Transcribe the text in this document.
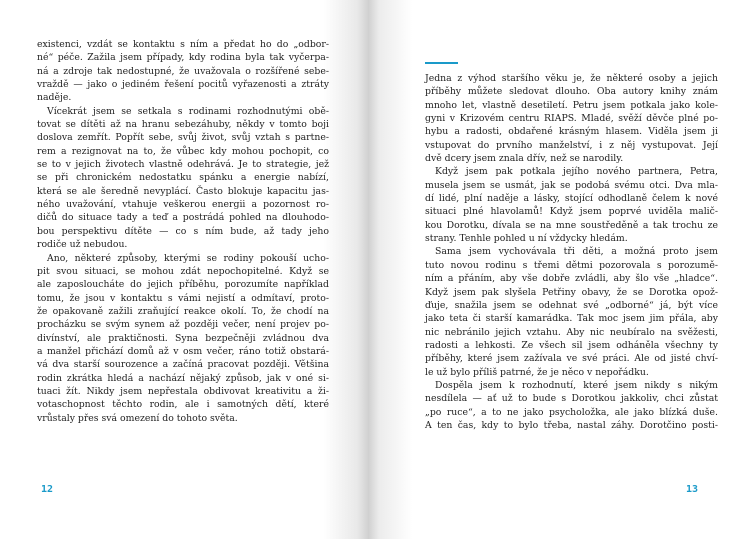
existenci, vzdát se kontaktu s ním a předat ho do „odbor-

né“ péče. Zažila jsem případy, kdy rodina byla tak vyčerpa-

ná a zdroje tak nedostupné, že uvažovala o rozšířené sebe-

vraždě — jako o jediném řešení pocitů vyřazenosti a ztráty

naděje.

Vícekrát jsem se setkala s rodinami rozhodnutými obě-

tovat se dítěti až na hranu sebezáhuby, někdy v tomto boji

doslova zemřít. Popřít sebe, svůj život, svůj vztah s partne-

rem a rezignovat na to, že vůbec kdy mohou pochopit, co

se to v jejich životech vlastně odehrává. Je to strategie, jež

se při chronickém nedostatku spánku a energie nabízí,

která se ale šeredně nevyplácí. Často blokuje kapacitu jas-

ného uvažování, vtahuje veškerou energii a pozornost ro-

dičů do situace tady a teď a postrádá pohled na dlouhodo-

bou perspektivu dítěte — co s ním bude, až tady jeho

rodiče už nebudou.

Ano, některé způsoby, kterými se rodiny pokouší ucho-

pit svou situaci, se mohou zdát nepochopitelné. Když se

ale zaposloucháte do jejich příběhu, porozumíte například

tomu, že jsou v kontaktu s vámi nejistí a odmítaví, proto-

že opakovaně zažili zraňující reakce okolí. To, že chodí na

procházku se svým synem až později večer, není projev po-

divínství, ale praktičnosti. Syna bezpečněji zvládnou dva

a manžel přichází domů až v osm večer, ráno totiž obstará-

vá dva starší sourozence a začíná pracovat později. Většina

rodin zkrátka hledá a nachází nějaký způsob, jak v oné si-

tuaci žít. Nikdy jsem nepřestala obdivovat kreativitu a ži-

votaschopnost těchto rodin, ale i samotných dětí, které

vrůstaly přes svá omezení do tohoto světa.

12

Jedna z výhod staršího věku je, že některé osoby a jejich

příběhy můžete sledovat dlouho. Oba autory knihy znám

mnoho let, vlastně desetiletí. Petru jsem potkala jako kole-

gyni v Krizovém centru RIAPS. Mladé, svěží děvče plné po-

hybu a radosti, obdařené krásným hlasem. Viděla jsem ji

vstupovat do prvního manželství, i z něj vystupovat. Její

dvě dcery jsem znala dřív, než se narodily.

Když jsem pak potkala jejího nového partnera, Petra,

musela jsem se usmát, jak se podobá svému otci. Dva mla-

dí lidé, plní naděje a lásky, stojící odhodlaně čelem k nové

situaci plné hlavolamů! Když jsem poprvé uviděla malič-

kou Dorotku, dívala se na mne soustředěně a tak trochu ze

strany. Tenhle pohled u ní vždycky hledám.

Sama jsem vychovávala tři děti, a možná proto jsem

tuto novou rodinu s třemi dětmi pozorovala s porozumě-

ním a přáním, aby vše dobře zvládli, aby šlo vše „hladce“.

Když jsem pak slyšela Petřiny obavy, že se Dorotka opož-

ďuje, snažila jsem se odehnat své „odborné“ já, být více

jako teta či starší kamarádka. Tak moc jsem jim přála, aby

nic nebránilo jejich vztahu. Aby nic neubíralo na svěžesti,

radosti a lehkosti. Ze všech sil jsem odháněla všechny ty

příběhy, které jsem zažívala ve své práci. Ale od jisté chví-

le už bylo příliš patrné, že je něco v nepořádku.

Dospěla jsem k rozhodnutí, které jsem nikdy s nikým

nesdílela — ať už to bude s Dorotkou jakkoliv, chci zůstat

„po ruce“, a to ne jako psycholožka, ale jako blízká duše.

A ten čas, kdy to bylo třeba, nastal záhy. Dorotčino posti-

13
